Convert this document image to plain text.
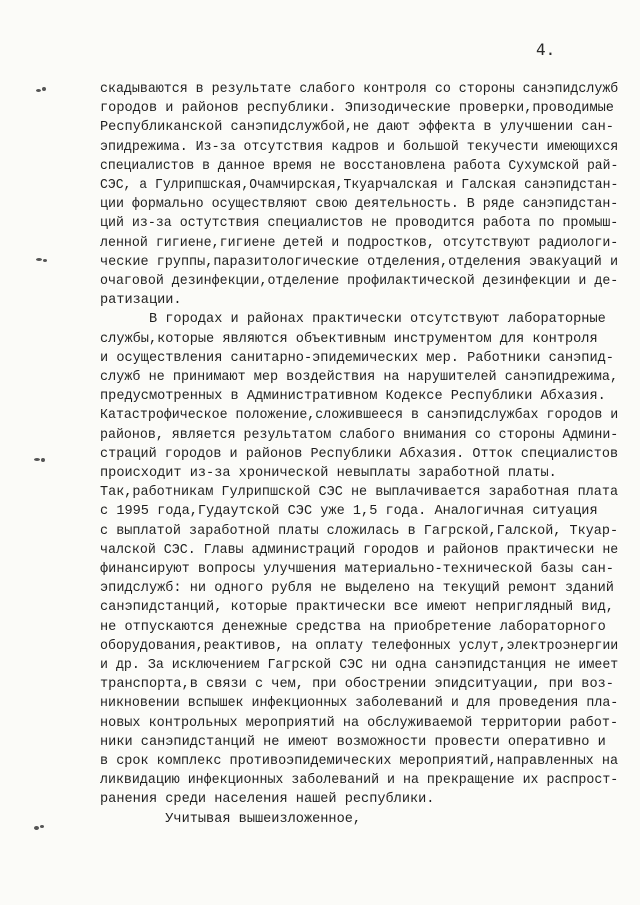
4.
скадываются в результате слабого контроля со стороны санэпидслужб
городов и районов республики. Эпизодические проверки,проводимые
Республиканской санэпидслужбой,не дают эффекта в улучшении сан-
эпидрежима. Из-за отсутствия кадров и большой текучести имеющихся
специалистов в данное время не восстановлена работа Сухумской рай-
СЭС, а Гулрипшская,Очамчирская,Ткуарчалская и Галская санэпидстан-
ции формально осуществляют свою деятельность. В ряде санэпидстан-
ций из-за остутствия специалистов не проводится работа по промыш-
ленной гигиене,гигиене детей и подростков, отсутствуют радиологи-
ческие группы,паразитологические отделения,отделения эвакуаций и
очаговой дезинфекции,отделение профилактической дезинфекции и де-
ратизации.
В городах и районах практически отсутствуют лабораторные
службы,которые являются объективным инструментом для контроля
и осуществления санитарно-эпидемических мер. Работники санэпид-
служб не принимают мер воздействия на нарушителей санэпидрежима,
предусмотренных в Административном Кодексе Республики Абхазия.
Катастрофическое положение,сложившееся в санэпидслужбах городов и
районов, является результатом слабого внимания со стороны Админи-
страций городов и районов Республики Абхазия. Отток специалистов
происходит из-за хронической невыплаты заработной платы.
Так,работникам Гулрипшской СЭС не выплачивается заработная плата
с 1995 года,Гудаутской СЭС уже 1,5 года. Аналогичная ситуация
с выплатой заработной платы сложилась в Гагрской,Галской, Ткуар-
чалской СЭС. Главы администраций городов и районов практически не
финансируют вопросы улучшения материально-технической базы сан-
эпидслужб: ни одного рубля не выделено на текущий ремонт зданий
санэпидстанций, которые практически все имеют неприглядный вид,
не отпускаются денежные средства на приобретение лабораторного
оборудования,реактивов, на оплату телефонных услут,электроэнергии
и др. За исключением Гагрской СЭС ни одна санэпидстанция не имеет
транспорта,в связи с чем, при обострении эпидситуации, при воз-
никновении вспышек инфекционных заболеваний и для проведения пла-
новых контрольных мероприятий на обслуживаемой территории работ-
ники санэпидстанций не имеют возможности провести оперативно и
в срок комплекс противоэпидемических мероприятий,направленных на
ликвидацию инфекционных заболеваний и на прекращение их распрост-
ранения среди населения нашей республики.
Учитывая вышеизложенное,
